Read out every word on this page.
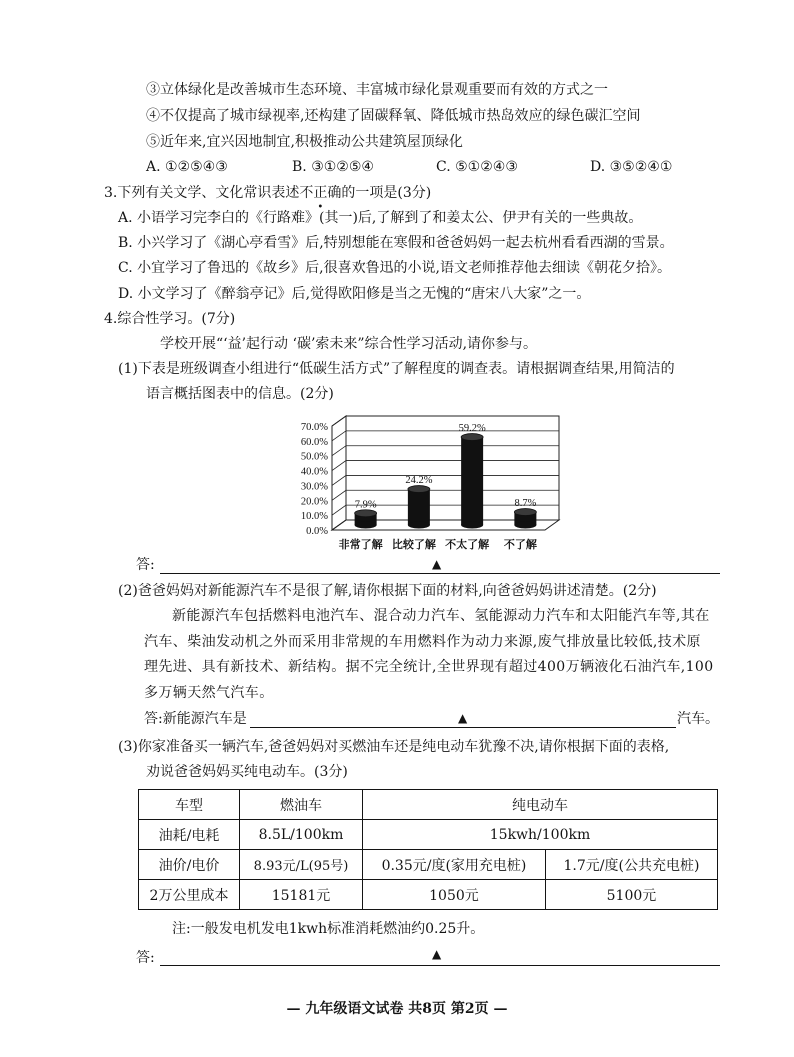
③立体绿化是改善城市生态环境、丰富城市绿化景观重要而有效的方式之一
④不仅提高了城市绿视率,还构建了固碳释氧、降低城市热岛效应的绿色碳汇空间
⑤近年来,宜兴因地制宜,积极推动公共建筑屋顶绿化
A. ①②⑤④③	B. ③①②⑤④	C. ⑤①②④③	D. ③⑤②④①
3.下列有关文学、文化常识表述不正确的一项是(3分)
A. 小语学习完李白的《行路难》(其一)后,了解到了和姜太公、伊尹有关的一些典故。
B. 小兴学习了《湖心亭看雪》后,特别想能在寒假和爸爸妈妈一起去杭州看看西湖的雪景。
C. 小宜学习了鲁迅的《故乡》后,很喜欢鲁迅的小说,语文老师推荐他去细读《朝花夕拾》。
D. 小文学习了《醉翁亭记》后,觉得欧阳修是当之无愧的“唐宋八大家”之一。
4.综合性学习。(7分)
学校开展“‘益’起行动 ‘碳’索未来”综合性学习活动,请你参与。
(1)下表是班级调查小组进行“低碳生活方式”了解程度的调查表。请根据调查结果,用简洁的
语言概括图表中的信息。(2分)
0.0%
10.0%
20.0%
30.0%
40.0%
50.0%
60.0%
70.0%
7.9%
非常了解
24.2%
比较了解
59.2%
不太了解
8.7%
不了解
答:	▲
(2)爸爸妈妈对新能源汽车不是很了解,请你根据下面的材料,向爸爸妈妈讲述清楚。(2分)
新能源汽车包括燃料电池汽车、混合动力汽车、氢能源动力汽车和太阳能汽车等,其在
汽车、柴油发动机之外而采用非常规的车用燃料作为动力来源,废气排放量比较低,技术原
理先进、具有新技术、新结构。据不完全统计,全世界现有超过400万辆液化石油汽车,100
多万辆天然气汽车。
答:新能源汽车是	▲	汽车。
(3)你家准备买一辆汽车,爸爸妈妈对买燃油车还是纯电动车犹豫不决,请你根据下面的表格,
劝说爸爸妈妈买纯电动车。(3分)
车型	燃油车	纯电动车	
油耗/电耗	8.5L/100km	15kwh/100km	
油价/电价	8.93元/L(95号)	0.35元/度(家用充电桩)	1.7元/度(公共充电桩)
2万公里成本	15181元	1050元	5100元
注:一般发电机发电1kwh标准消耗燃油约0.25升。
答:	▲
— 九年级语文试卷 共8页 第2页 —
